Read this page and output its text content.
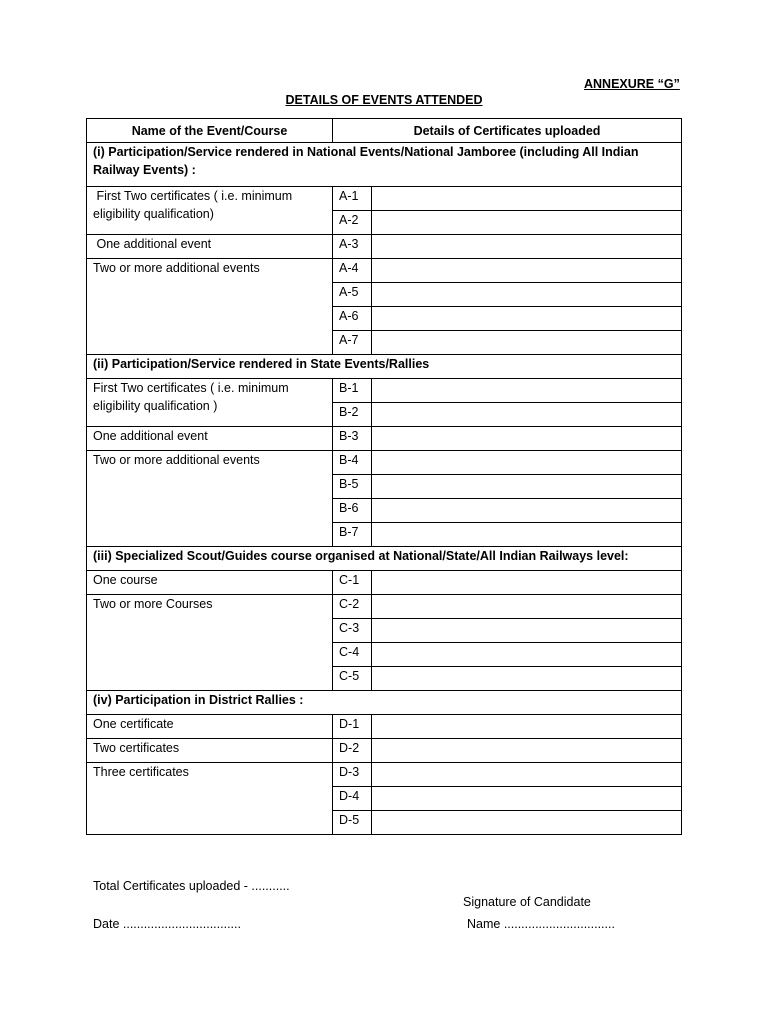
ANNEXURE “G”
DETAILS OF EVENTS ATTENDED
Name of the Event/Course	Details of Certificates uploaded	
(i) Participation/Service rendered in National Events/National Jamboree (including All Indian Railway Events) :		
First Two certificates ( i.e. minimum eligibility qualification)	A-1	
	A-2	
One additional event	A-3	
Two or more additional events	A-4	
	A-5	
	A-6	
	A-7	
(ii) Participation/Service rendered in State Events/Rallies		
First Two certificates ( i.e. minimum eligibility qualification )	B-1	
	B-2	
One additional event	B-3	
Two or more additional events	B-4	
	B-5	
	B-6	
	B-7	
(iii) Specialized Scout/Guides course organised at National/State/All Indian Railways level:		
One course	C-1	
Two or more Courses	C-2	
	C-3	
	C-4	
	C-5	
(iv) Participation in District Rallies :		
One certificate	D-1	
Two certificates	D-2	
Three certificates	D-3	
	D-4	
	D-5	
Total Certificates uploaded - ...........
Signature of Candidate
Date ..................................	Name ................................
